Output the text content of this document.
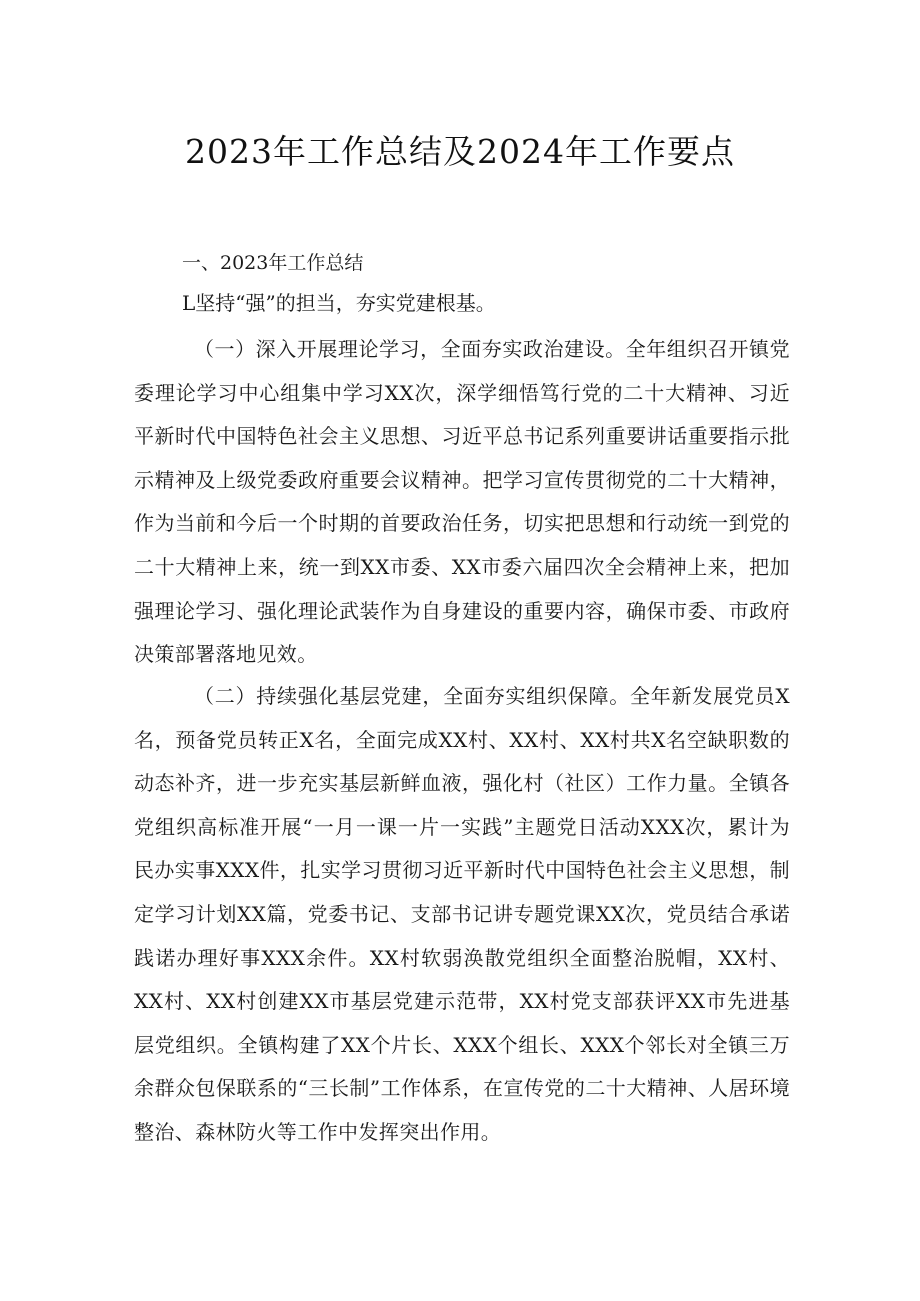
2023年工作总结及2024年工作要点

一、2023年工作总结

L坚持“强”的担当，夯实党建根基。

（一）深入开展理论学习，全面夯实政治建设。全年组织召开镇党委理论学习中心组集中学习XX次，深学细悟笃行党的二十大精神、习近平新时代中国特色社会主义思想、习近平总书记系列重要讲话重要指示批示精神及上级党委政府重要会议精神。把学习宣传贯彻党的二十大精神，作为当前和今后一个时期的首要政治任务，切实把思想和行动统一到党的二十大精神上来，统一到XX市委、XX市委六届四次全会精神上来，把加强理论学习、强化理论武装作为自身建设的重要内容，确保市委、市政府决策部署落地见效。

（二）持续强化基层党建，全面夯实组织保障。全年新发展党员X名，预备党员转正X名，全面完成XX村、XX村、XX村共X名空缺职数的动态补齐，进一步充实基层新鲜血液，强化村（社区）工作力量。全镇各党组织高标准开展“一月一课一片一实践”主题党日活动XXX次，累计为民办实事XXX件，扎实学习贯彻习近平新时代中国特色社会主义思想，制定学习计划XX篇，党委书记、支部书记讲专题党课XX次，党员结合承诺践诺办理好事XXX余件。XX村软弱涣散党组织全面整治脱帽，XX村、XX村、XX村创建XX市基层党建示范带，XX村党支部获评XX市先进基层党组织。全镇构建了XX个片长、XXX个组长、XXX个邻长对全镇三万余群众包保联系的“三长制”工作体系，在宣传党的二十大精神、人居环境整治、森林防火等工作中发挥突出作用。
